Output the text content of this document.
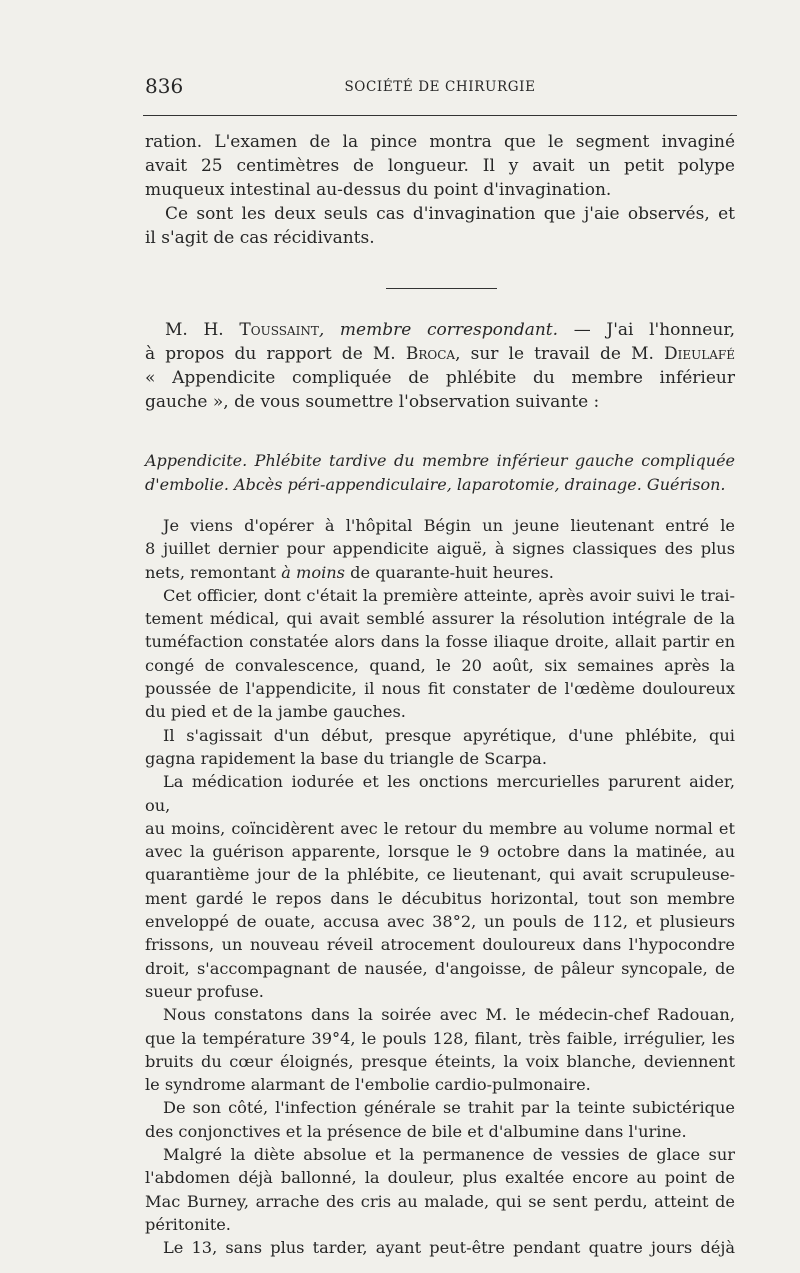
836	SOCIÉTÉ DE CHIRURGIE

ration. L'examen de la pince montra que le segment invaginé

avait 25 centimètres de longueur. Il y avait un petit polype

muqueux intestinal au-dessus du point d'invagination.

Ce sont les deux seuls cas d'invagination que j'aie observés, et

il s'agit de cas récidivants.

M. H. Toussaint, membre correspondant. — J'ai l'honneur,

à propos du rapport de M. Broca, sur le travail de M. Dieulafé

« Appendicite compliquée de phlébite du membre inférieur

gauche », de vous soumettre l'observation suivante :

Appendicite. Phlébite tardive du membre inférieur gauche compliquée

d'embolie. Abcès péri-appendiculaire, laparotomie, drainage. Guérison.

Je viens d'opérer à l'hôpital Bégin un jeune lieutenant entré le

8 juillet dernier pour appendicite aiguë, à signes classiques des plus

nets, remontant à moins de quarante-huit heures.

Cet officier, dont c'était la première atteinte, après avoir suivi le trai-

tement médical, qui avait semblé assurer la résolution intégrale de la

tuméfaction constatée alors dans la fosse iliaque droite, allait partir en

congé de convalescence, quand, le 20 août, six semaines après la

poussée de l'appendicite, il nous fit constater de l'œdème douloureux

du pied et de la jambe gauches.

Il s'agissait d'un début, presque apyrétique, d'une phlébite, qui

gagna rapidement la base du triangle de Scarpa.

La médication iodurée et les onctions mercurielles parurent aider, ou,

au moins, coïncidèrent avec le retour du membre au volume normal et

avec la guérison apparente, lorsque le 9 octobre dans la matinée, au

quarantième jour de la phlébite, ce lieutenant, qui avait scrupuleuse-

ment gardé le repos dans le décubitus horizontal, tout son membre

enveloppé de ouate, accusa avec 38°2, un pouls de 112, et plusieurs

frissons, un nouveau réveil atrocement douloureux dans l'hypocondre

droit, s'accompagnant de nausée, d'angoisse, de pâleur syncopale, de

sueur profuse.

Nous constatons dans la soirée avec M. le médecin-chef Radouan,

que la température 39°4, le pouls 128, filant, très faible, irrégulier, les

bruits du cœur éloignés, presque éteints, la voix blanche, deviennent

le syndrome alarmant de l'embolie cardio-pulmonaire.

De son côté, l'infection générale se trahit par la teinte subictérique

des conjonctives et la présence de bile et d'albumine dans l'urine.

Malgré la diète absolue et la permanence de vessies de glace sur

l'abdomen déjà ballonné, la douleur, plus exaltée encore au point de

Mac Burney, arrache des cris au malade, qui se sent perdu, atteint de

péritonite.

Le 13, sans plus tarder, ayant peut-être pendant quatre jours déjà
